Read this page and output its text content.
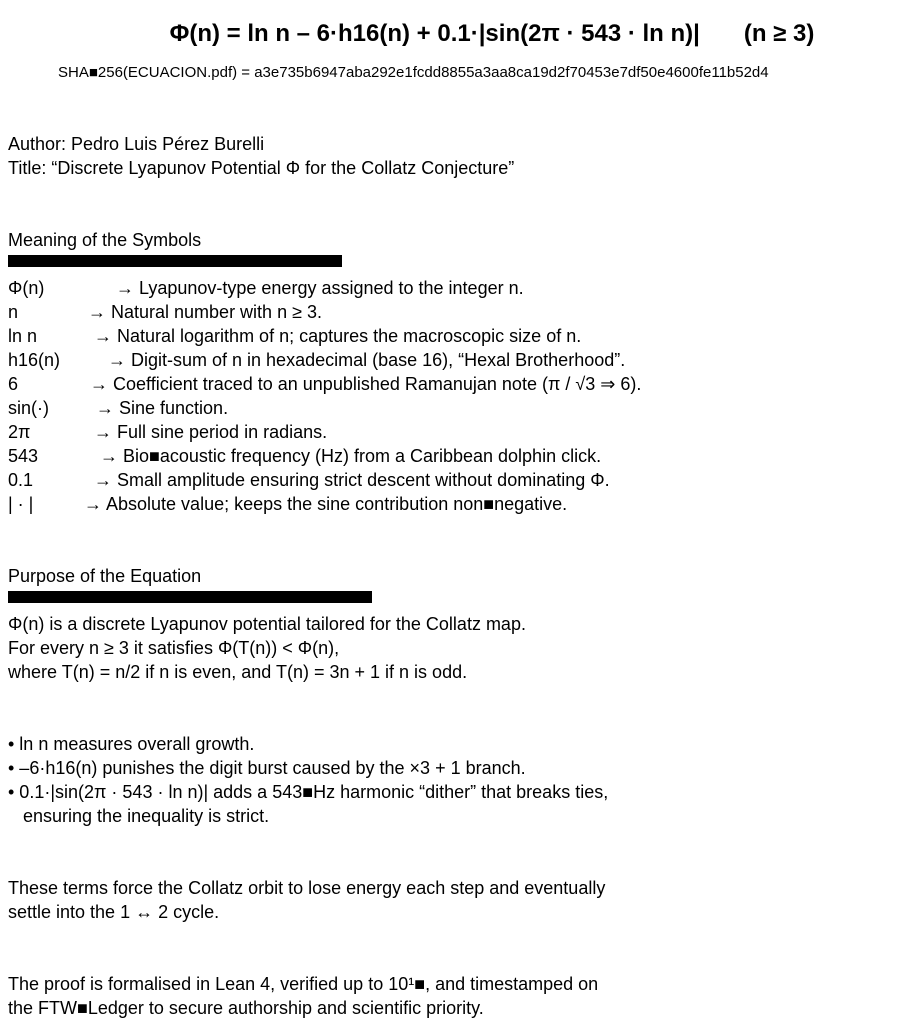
Φ(n) = ln n – 6·h16(n) + 0.1·|sin(2π · 543 · ln n)| (n ≥ 3)
SHA■256(ECUACION.pdf) = a3e735b6947aba292e1fcdd8855a3aa8ca19d2f70453e7df50e4600fe11b52d4
Author: Pedro Luis Pérez Burelli
Title: “Discrete Lyapunov Potential Φ for the Collatz Conjecture”
Meaning of the Symbols
Φ(n)	→ Lyapunov-type energy assigned to the integer n.
n	→ Natural number with n ≥ 3.
ln n	→ Natural logarithm of n; captures the macroscopic size of n.
h16(n)	→ Digit-sum of n in hexadecimal (base 16), “Hexal Brotherhood”.
6	→ Coefficient traced to an unpublished Ramanujan note (π / √3 ⇒ 6).
sin(·)	→ Sine function.
2π	→ Full sine period in radians.
543	→ Bio■acoustic frequency (Hz) from a Caribbean dolphin click.
0.1	→ Small amplitude ensuring strict descent without dominating Φ.
| · |	→ Absolute value; keeps the sine contribution non■negative.
Purpose of the Equation
Φ(n) is a discrete Lyapunov potential tailored for the Collatz map.
For every n ≥ 3 it satisfies Φ(T(n)) < Φ(n),
where T(n) = n/2 if n is even, and T(n) = 3n + 1 if n is odd.
• ln n measures overall growth.
• –6·h16(n) punishes the digit burst caused by the ×3 + 1 branch.
• 0.1·|sin(2π · 543 · ln n)| adds a 543■Hz harmonic “dither” that breaks ties,
ensuring the inequality is strict.
These terms force the Collatz orbit to lose energy each step and eventually
settle into the 1 ↔ 2 cycle.
The proof is formalised in Lean 4, verified up to 10¹■, and timestamped on
the FTW■Ledger to secure authorship and scientific priority.
